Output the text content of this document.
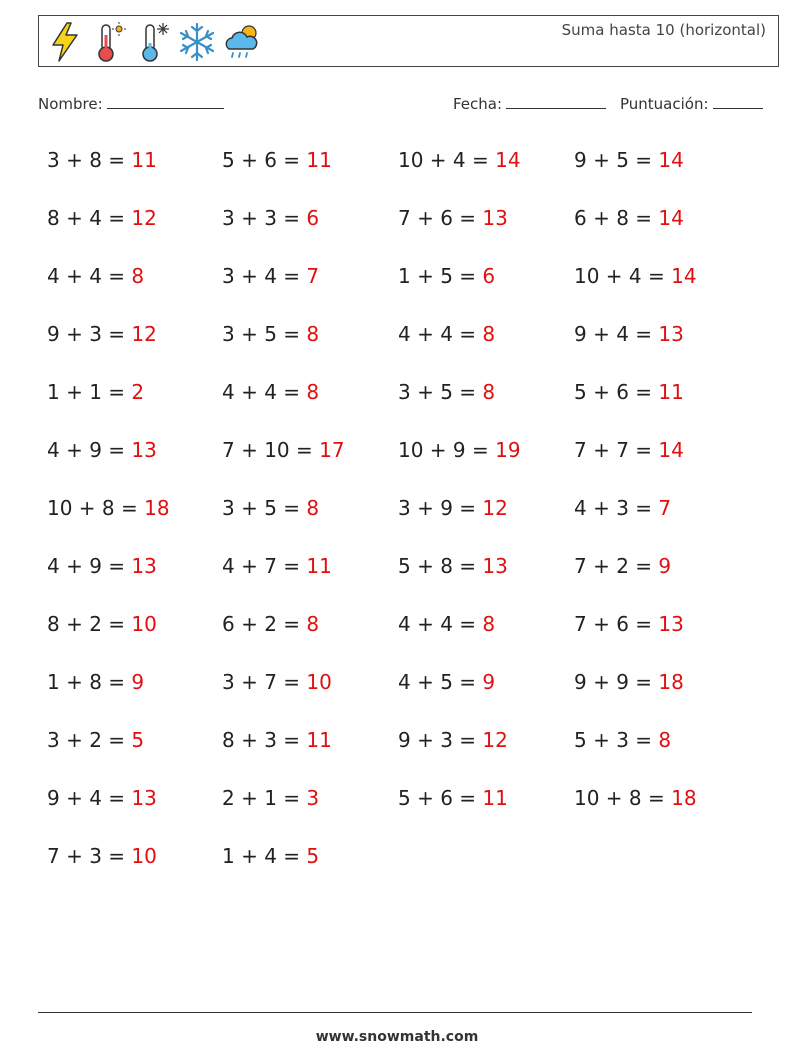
Suma hasta 10 (horizontal)
Nombre:	Fecha:	Puntuación:
3 + 8 = 11	5 + 6 = 11	10 + 4 = 14	9 + 5 = 14
8 + 4 = 12	3 + 3 = 6	7 + 6 = 13	6 + 8 = 14
4 + 4 = 8	3 + 4 = 7	1 + 5 = 6	10 + 4 = 14
9 + 3 = 12	3 + 5 = 8	4 + 4 = 8	9 + 4 = 13
1 + 1 = 2	4 + 4 = 8	3 + 5 = 8	5 + 6 = 11
4 + 9 = 13	7 + 10 = 17	10 + 9 = 19	7 + 7 = 14
10 + 8 = 18	3 + 5 = 8	3 + 9 = 12	4 + 3 = 7
4 + 9 = 13	4 + 7 = 11	5 + 8 = 13	7 + 2 = 9
8 + 2 = 10	6 + 2 = 8	4 + 4 = 8	7 + 6 = 13
1 + 8 = 9	3 + 7 = 10	4 + 5 = 9	9 + 9 = 18
3 + 2 = 5	8 + 3 = 11	9 + 3 = 12	5 + 3 = 8
9 + 4 = 13	2 + 1 = 3	5 + 6 = 11	10 + 8 = 18
7 + 3 = 10	1 + 4 = 5
www.snowmath.com
